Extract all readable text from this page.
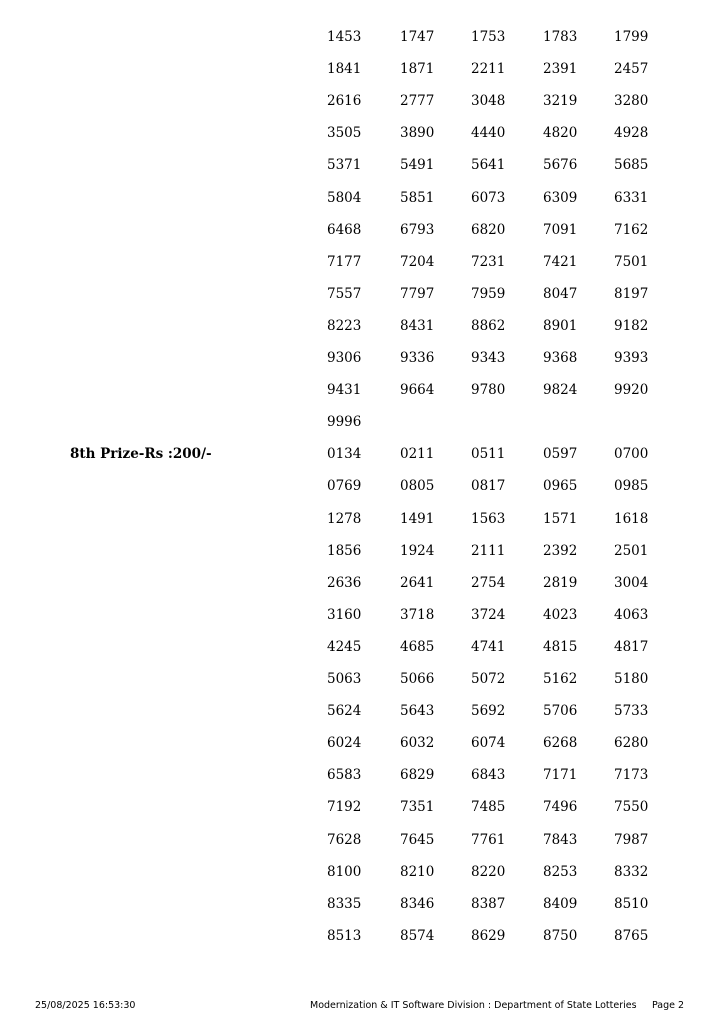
1453	1747	1753	1783	1799
1841	1871	2211	2391	2457
2616	2777	3048	3219	3280
3505	3890	4440	4820	4928
5371	5491	5641	5676	5685
5804	5851	6073	6309	6331
6468	6793	6820	7091	7162
7177	7204	7231	7421	7501
7557	7797	7959	8047	8197
8223	8431	8862	8901	9182
9306	9336	9343	9368	9393
9431	9664	9780	9824	9920
9996
8th Prize-Rs :200/-	0134	0211	0511	0597	0700
0769	0805	0817	0965	0985
1278	1491	1563	1571	1618
1856	1924	2111	2392	2501
2636	2641	2754	2819	3004
3160	3718	3724	4023	4063
4245	4685	4741	4815	4817
5063	5066	5072	5162	5180
5624	5643	5692	5706	5733
6024	6032	6074	6268	6280
6583	6829	6843	7171	7173
7192	7351	7485	7496	7550
7628	7645	7761	7843	7987
8100	8210	8220	8253	8332
8335	8346	8387	8409	8510
8513	8574	8629	8750	8765
25/08/2025 16:53:30	Modernization & IT Software Division : Department of State Lotteries Page 2
